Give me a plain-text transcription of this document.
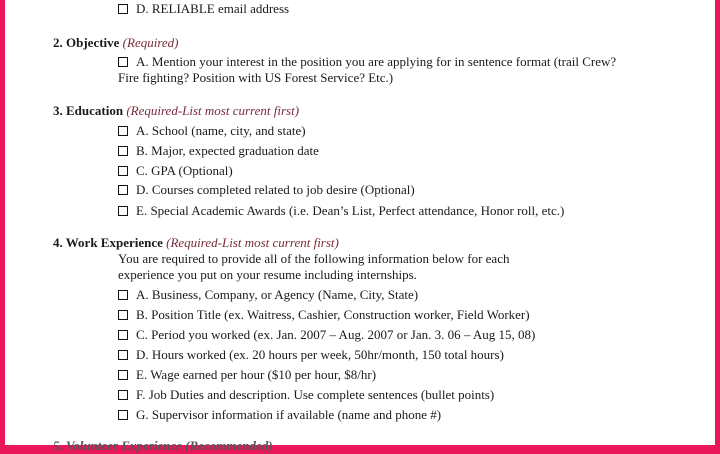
D. RELIABLE email address
2. Objective (Required)
A. Mention your interest in the position you are applying for in sentence format (trail Crew?
Fire fighting? Position with US Forest Service? Etc.)
3. Education (Required-List most current first)
A. School (name, city, and state)
B. Major, expected graduation date
C. GPA (Optional)
D. Courses completed related to job desire (Optional)
E. Special Academic Awards (i.e. Dean’s List, Perfect attendance, Honor roll, etc.)
4. Work Experience (Required-List most current first)
You are required to provide all of the following information below for each
experience you put on your resume including internships.
A. Business, Company, or Agency (Name, City, State)
B. Position Title (ex. Waitress, Cashier, Construction worker, Field Worker)
C. Period you worked (ex. Jan. 2007 – Aug. 2007 or Jan. 3. 06 – Aug 15, 08)
D. Hours worked (ex. 20 hours per week, 50hr/month, 150 total hours)
E. Wage earned per hour ($10 per hour, $8/hr)
F. Job Duties and description. Use complete sentences (bullet points)
G. Supervisor information if available (name and phone #)
5. Volunteer Experience (Recommended)
